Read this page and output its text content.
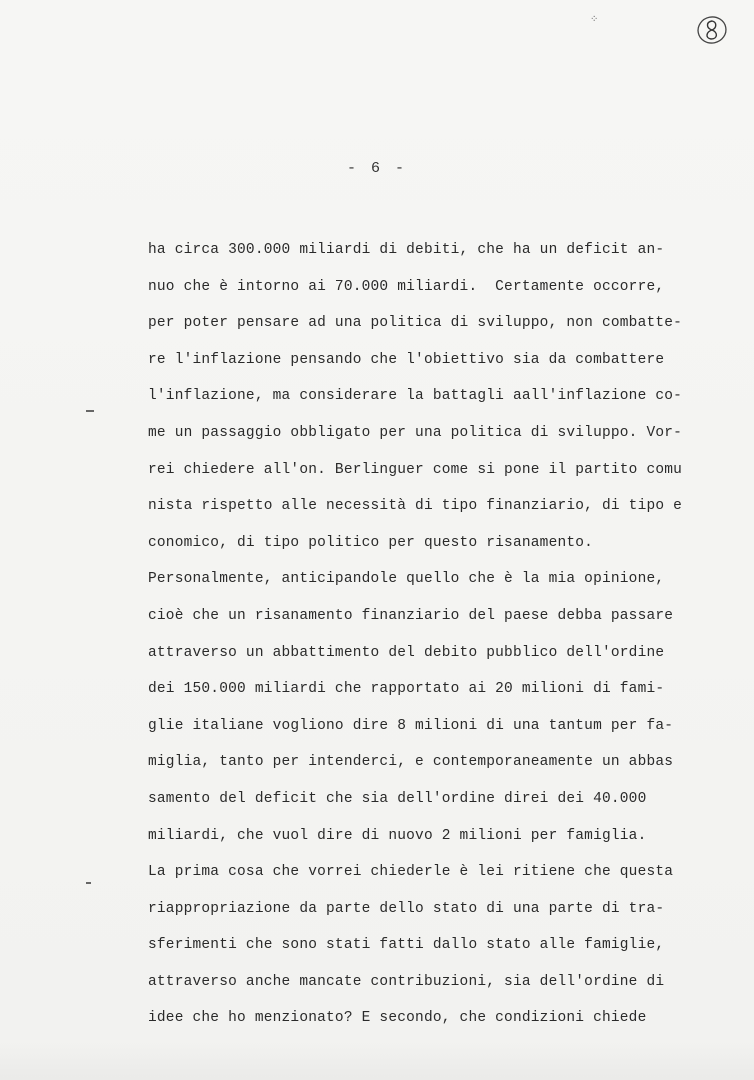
⁘
- 6 -
ha circa 300.000 miliardi di debiti, che ha un deficit an-
nuo che è intorno ai 70.000 miliardi.  Certamente occorre,
per poter pensare ad una politica di sviluppo, non combatte-
re l'inflazione pensando che l'obiettivo sia da combattere
l'inflazione, ma considerare la battagli aall'inflazione co-
me un passaggio obbligato per una politica di sviluppo. Vor-
rei chiedere all'on. Berlinguer come si pone il partito comu
nista rispetto alle necessità di tipo finanziario, di tipo e
conomico, di tipo politico per questo risanamento.
Personalmente, anticipandole quello che è la mia opinione,
cioè che un risanamento finanziario del paese debba passare
attraverso un abbattimento del debito pubblico dell'ordine
dei 150.000 miliardi che rapportato ai 20 milioni di fami-
glie italiane vogliono dire 8 milioni di una tantum per fa-
miglia, tanto per intenderci, e contemporaneamente un abbas
samento del deficit che sia dell'ordine direi dei 40.000
miliardi, che vuol dire di nuovo 2 milioni per famiglia.
La prima cosa che vorrei chiederle è lei ritiene che questa
riappropriazione da parte dello stato di una parte di tra-
sferimenti che sono stati fatti dallo stato alle famiglie,
attraverso anche mancate contribuzioni, sia dell'ordine di
idee che ho menzionato? E secondo, che condizioni chiede
